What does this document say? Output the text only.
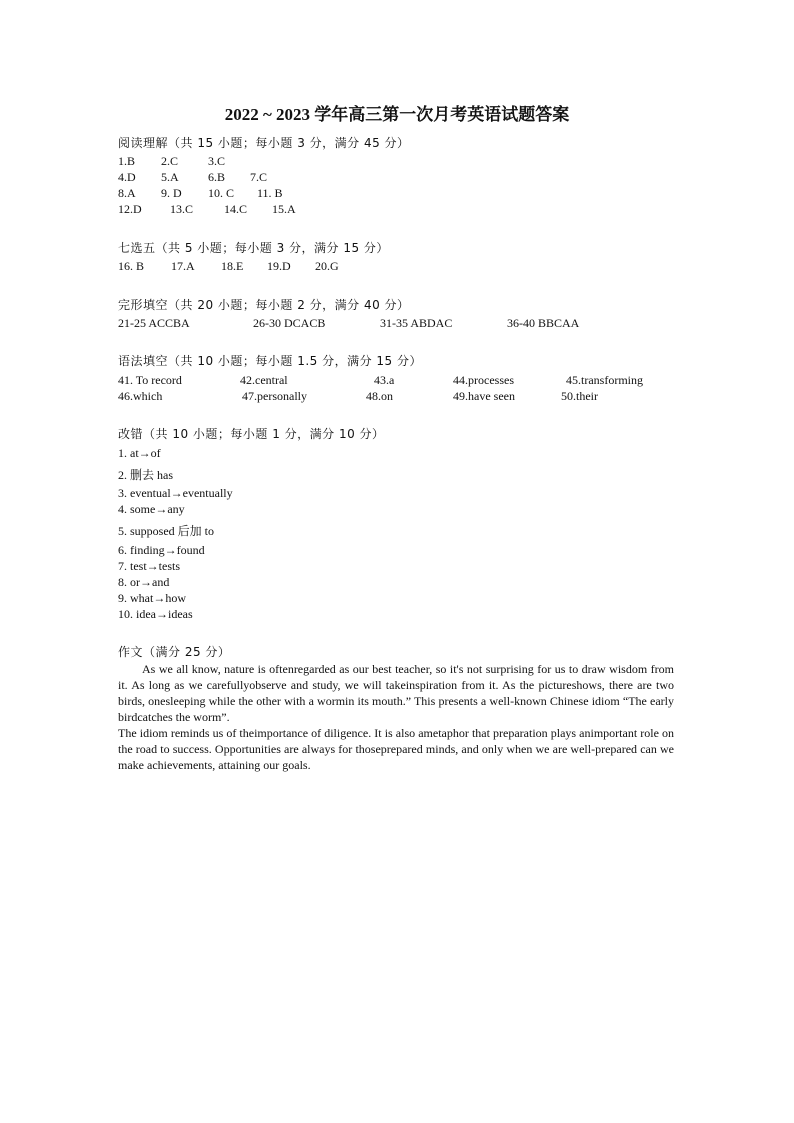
2022 ~ 2023 学年高三第一次月考英语试题答案
阅读理解（共 15 小题；每小题 3 分，满分 45 分）
1.B 2.C 3.C
4.D 5.A 6.B 7.C
8.A 9. D 10. C 11. B
12.D 13.C	14.C 15.A
七选五（共 5 小题；每小题 3 分，满分 15 分）
16. B 17.A 18.E 19.D 20.G
完形填空（共 20 小题；每小题 2 分，满分 40 分）
21-25 ACCBA	26-30 DCACB	31-35 ABDAC	36-40 BBCAA
语法填空（共 10 小题；每小题 1.5 分，满分 15 分）
41. To record	42.central	43.a	44.processes	45.transforming
46.which	47.personally	48.on	49.have seen	50.their
改错（共 10 小题；每小题 1 分，满分 10 分）
1. at→of
2. 删去 has
3. eventual→eventually
4. some→any
5. supposed 后加 to
6. finding→found
7. test→tests
8. or→and
9. what→how
10. idea→ideas
作文（满分 25 分）

As we all know, nature is oftenregarded as our best teacher, so it's not surprising for us to draw wisdom from it. As long as we carefullyobserve and study, we will takeinspiration from it. As the pictureshows, there are two birds, onesleeping while the other with a wormin its mouth.” This presents a well-known Chinese idiom “The early birdcatches the worm”.

The idiom reminds us of theimportance of diligence. It is also ametaphor that preparation plays animportant role on the road to success. Opportunities are always for thoseprepared minds, and only when we are well-prepared can we make achievements, attaining our goals.
